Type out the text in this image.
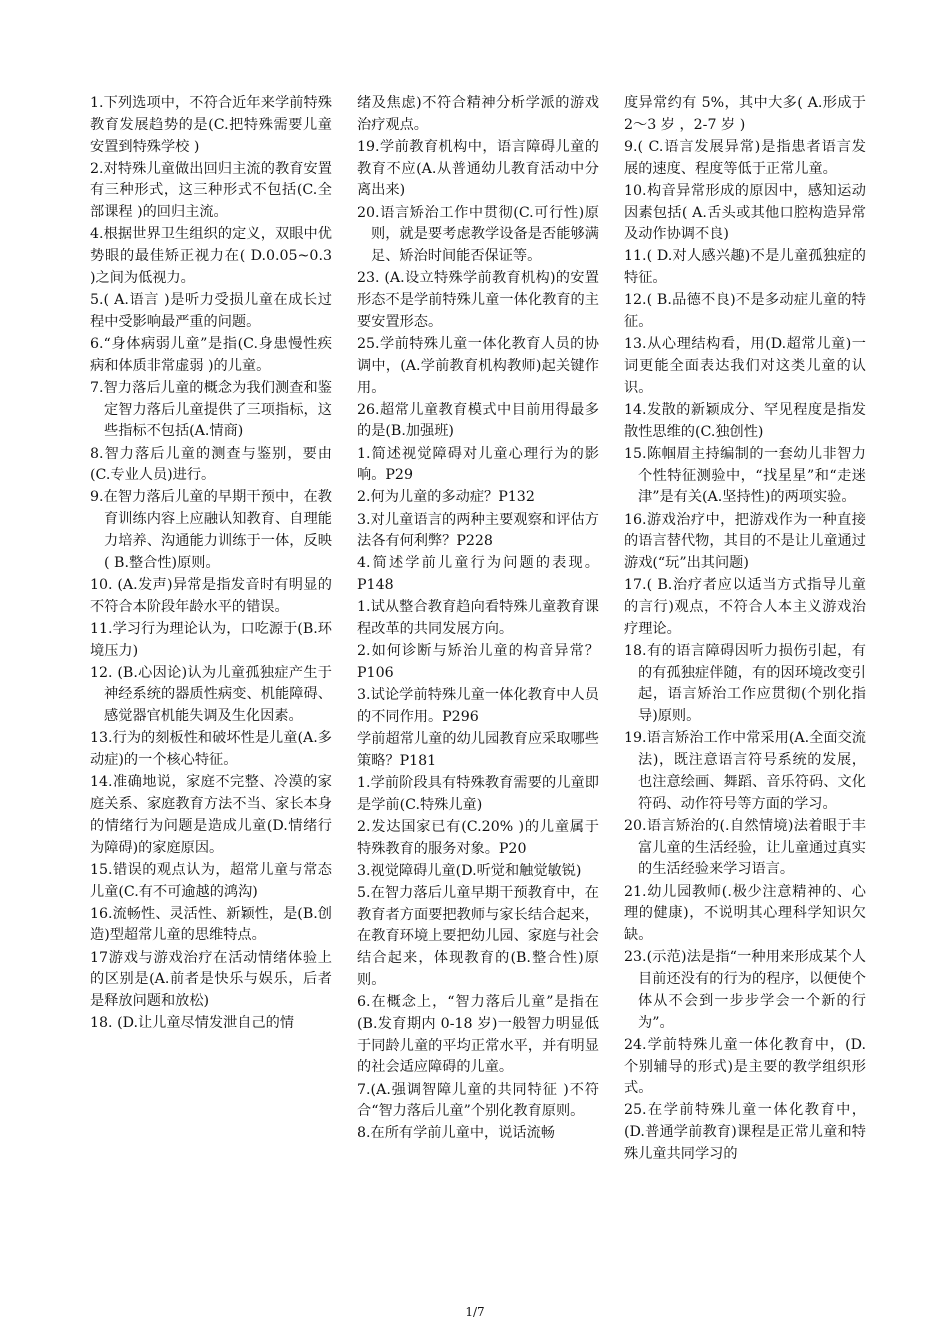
1.下列选项中，不符合近年来学前特殊教育发展趋势的是(C.把特殊需要儿童安置到特殊学校 )

2.对特殊儿童做出回归主流的教育安置有三种形式，这三种形式不包括(C.全部课程 )的回归主流。

4.根据世界卫生组织的定义，双眼中优势眼的最佳矫正视力在( D.0.05~0.3 )之间为低视力。

5.( A.语言 )是听力受损儿童在成长过程中受影响最严重的问题。

6.“身体病弱儿童”是指(C.身患慢性疾病和体质非常虚弱 )的儿童。

7.智力落后儿童的概念为我们测查和鉴定智力落后儿童提供了三项指标，这些指标不包括(A.情商)

8.智力落后儿童的测查与鉴别，要由(C.专业人员)进行。

9.在智力落后儿童的早期干预中，在教育训练内容上应融认知教育、自理能力培养、沟通能力训练于一体，反映( B.整合性)原则。

10. (A.发声)异常是指发音时有明显的不符合本阶段年龄水平的错误。

11.学习行为理论认为，口吃源于(B.环境压力)

12. (B.心因论)认为儿童孤独症产生于神经系统的器质性病变、机能障碍、感觉器官机能失调及生化因素。

13.行为的刻板性和破坏性是儿童(A.多动症)的一个核心特征。

14.准确地说，家庭不完整、冷漠的家庭关系、家庭教育方法不当、家长本身的情绪行为问题是造成儿童(D.情绪行为障碍)的家庭原因。

15.错误的观点认为，超常儿童与常态儿童(C.有不可逾越的鸿沟)

16.流畅性、灵活性、新颖性，是(B.创造)型超常儿童的思维特点。

17游戏与游戏治疗在活动情绪体验上的区别是(A.前者是快乐与娱乐，后者是释放问题和放松)

18. (D.让儿童尽情发泄自己的情

绪及焦虑)不符合精神分析学派的游戏治疗观点。

19.学前教育机构中，语言障碍儿童的教育不应(A.从普通幼儿教育活动中分离出来)

20.语言矫治工作中贯彻(C.可行性)原则，就是要考虑教学设备是否能够满足、矫治时间能否保证等。

23. (A.设立特殊学前教育机构)的安置形态不是学前特殊儿童一体化教育的主要安置形态。

25.学前特殊儿童一体化教育人员的协调中，(A.学前教育机构教师)起关键作用。

26.超常儿童教育模式中目前用得最多的是(B.加强班)

1.简述视觉障碍对儿童心理行为的影响。P29

2.何为儿童的多动症？P132

3.对儿童语言的两种主要观察和评估方法各有何利弊？P228

4.简述学前儿童行为问题的表现。P148

1.试从整合教育趋向看特殊儿童教育课程改革的共同发展方向。

2.如何诊断与矫治儿童的构音异常？P106

3.试论学前特殊儿童一体化教育中人员的不同作用。P296

学前超常儿童的幼儿园教育应采取哪些策略？P181

1.学前阶段具有特殊教育需要的儿童即是学前(C.特殊儿童)

2.发达国家已有(C.20% )的儿童属于特殊教育的服务对象。P20

3.视觉障碍儿童(D.听觉和触觉敏锐)

5.在智力落后儿童早期干预教育中，在教育者方面要把教师与家长结合起来，在教育环境上要把幼儿园、家庭与社会结合起来，体现教育的(B.整合性)原则。

6.在概念上，“智力落后儿童”是指在(B.发育期内 0-18 岁)一般智力明显低于同龄儿童的平均正常水平，并有明显的社会适应障碍的儿童。

7.(A.强调智障儿童的共同特征 )不符合“智力落后儿童”个别化教育原则。

8.在所有学前儿童中，说话流畅

度异常约有 5%，其中大多( A.形成于 2～3 岁 ，2-7 岁 )

9.( C.语言发展异常)是指患者语言发展的速度、程度等低于正常儿童。

10.构音异常形成的原因中，感知运动因素包括( A.舌头或其他口腔构造异常及动作协调不良)

11.( D.对人感兴趣)不是儿童孤独症的特征。

12.( B.品德不良)不是多动症儿童的特征。

13.从心理结构看，用(D.超常儿童)一词更能全面表达我们对这类儿童的认识。

14.发散的新颖成分、罕见程度是指发散性思维的(C.独创性)

15.陈帼眉主持编制的一套幼儿非智力个性特征测验中，“找星星”和“走迷津”是有关(A.坚持性)的两项实验。

16.游戏治疗中，把游戏作为一种直接的语言替代物，其目的不是让儿童通过游戏(“玩”出其问题)

17.( B.治疗者应以适当方式指导儿童的言行)观点，不符合人本主义游戏治疗理论。

18.有的语言障碍因听力损伤引起，有的有孤独症伴随，有的因环境改变引起，语言矫治工作应贯彻(个别化指导)原则。

19.语言矫治工作中常采用(A.全面交流法)，既注意语言符号系统的发展，也注意绘画、舞蹈、音乐符码、文化符码、动作符号等方面的学习。

20.语言矫治的(.自然情境)法着眼于丰富儿童的生活经验，让儿童通过真实的生活经验来学习语言。

21.幼儿园教师(.极少注意精神的、心理的健康)，不说明其心理科学知识欠缺。

23.(示范)法是指“一种用来形成某个人目前还没有的行为的程序，以便使个体从不会到一步步学会一个新的行为”。

24.学前特殊儿童一体化教育中，(D.个别辅导的形式)是主要的教学组织形式。

25.在学前特殊儿童一体化教育中，(D.普通学前教育)课程是正常儿童和特殊儿童共同学习的

1/7
